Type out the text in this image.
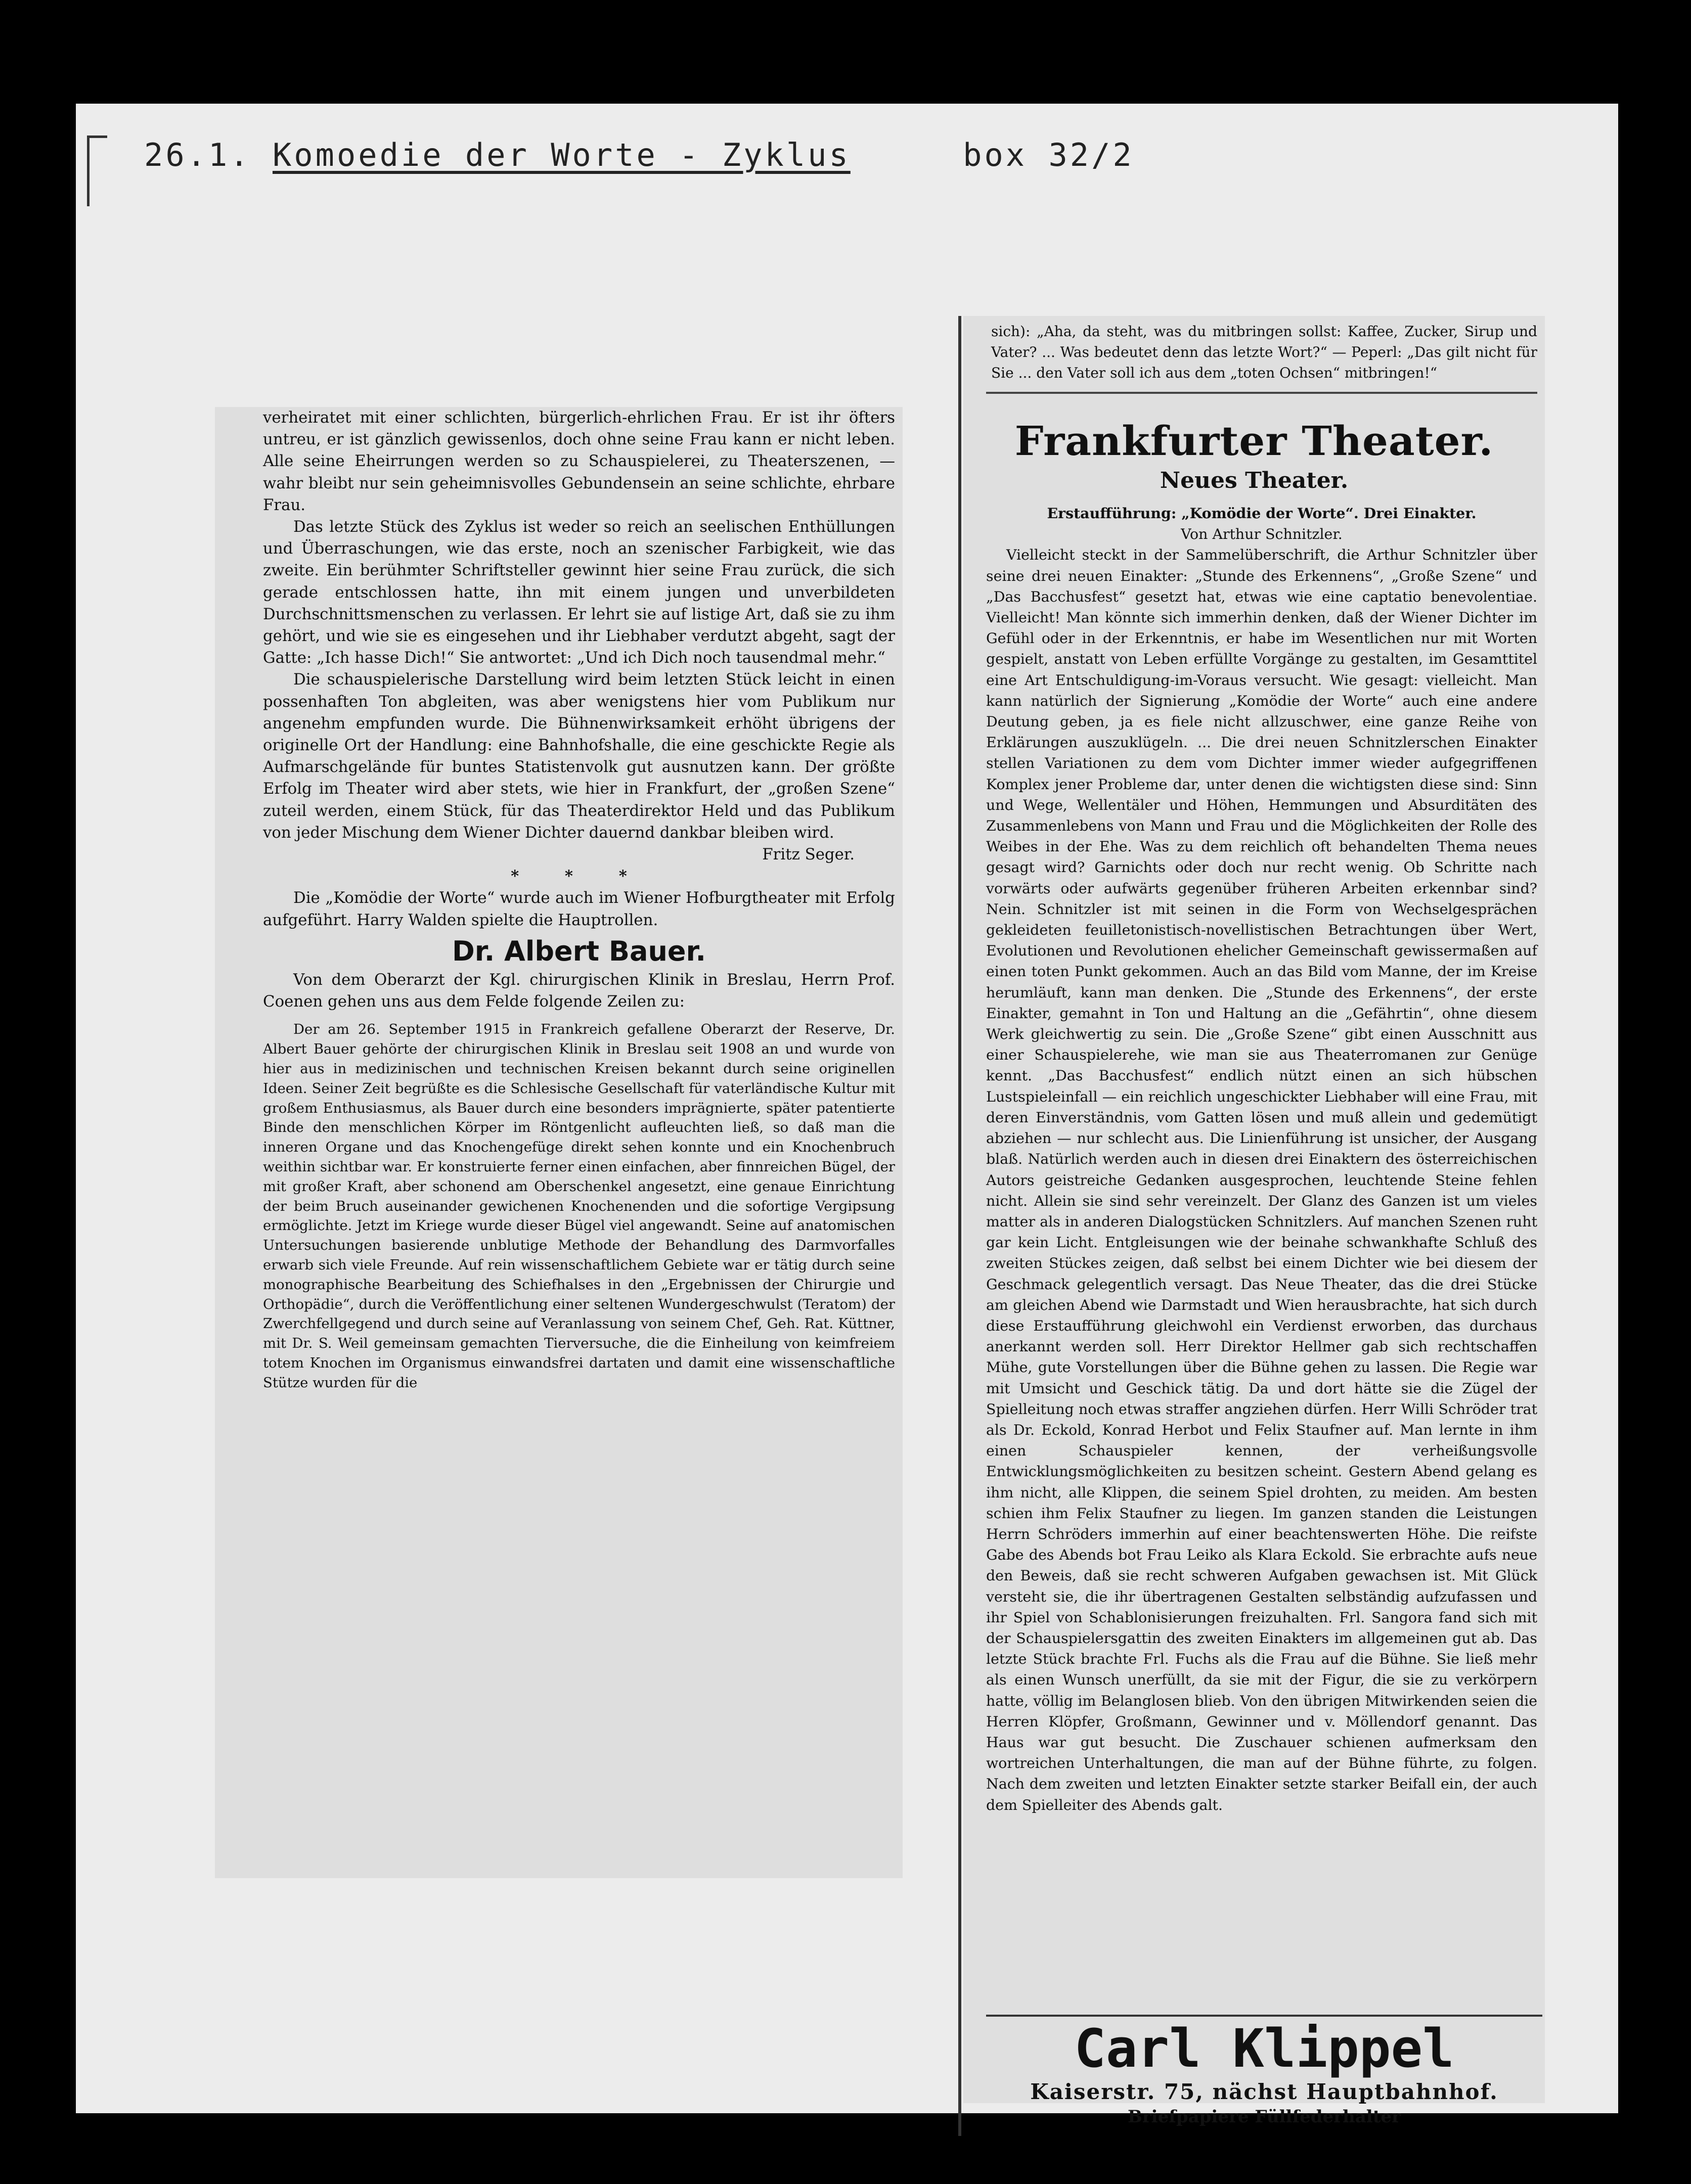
26.1. Komoedie der Worte - Zyklus	box 32/2

verheiratet mit einer schlichten, bürgerlich-ehrlichen Frau. Er ist ihr öfters untreu, er ist gänzlich gewissenlos, doch ohne seine Frau kann er nicht leben. Alle seine Eheirrungen werden so zu Schauspielerei, zu Theaterszenen, — wahr bleibt nur sein geheimnisvolles Gebundensein an seine schlichte, ehrbare Frau.

Das letzte Stück des Zyklus ist weder so reich an seelischen Enthüllungen und Überraschungen, wie das erste, noch an szenischer Farbigkeit, wie das zweite. Ein berühmter Schriftsteller gewinnt hier seine Frau zurück, die sich gerade entschlossen hatte, ihn mit einem jungen und unverbildeten Durchschnittsmenschen zu verlassen. Er lehrt sie auf listige Art, daß sie zu ihm gehört, und wie sie es eingesehen und ihr Liebhaber verdutzt abgeht, sagt der Gatte: „Ich hasse Dich!“ Sie antwortet: „Und ich Dich noch tausendmal mehr.“

Die schauspielerische Darstellung wird beim letzten Stück leicht in einen possenhaften Ton abgleiten, was aber wenigstens hier vom Publikum nur angenehm empfunden wurde. Die Bühnenwirksamkeit erhöht übrigens der originelle Ort der Handlung: eine Bahnhofshalle, die eine geschickte Regie als Aufmarschgelände für buntes Statistenvolk gut ausnutzen kann. Der größte Erfolg im Theater wird aber stets, wie hier in Frankfurt, der „großen Szene“ zuteil werden, einem Stück, für das Theaterdirektor Held und das Publikum von jeder Mischung dem Wiener Dichter dauernd dankbar bleiben wird.

Fritz Seger.

* * *

Die „Komödie der Worte“ wurde auch im Wiener Hofburgtheater mit Erfolg aufgeführt. Harry Walden spielte die Hauptrollen.

Dr. Albert Bauer.

Von dem Oberarzt der Kgl. chirurgischen Klinik in Breslau, Herrn Prof. Coenen gehen uns aus dem Felde folgende Zeilen zu:

Der am 26. September 1915 in Frankreich gefallene Oberarzt der Reserve, Dr. Albert Bauer gehörte der chirurgischen Klinik in Breslau seit 1908 an und wurde von hier aus in medizinischen und technischen Kreisen bekannt durch seine originellen Ideen. Seiner Zeit begrüßte es die Schlesische Gesellschaft für vaterländische Kultur mit großem Enthusiasmus, als Bauer durch eine besonders imprägnierte, später patentierte Binde den menschlichen Körper im Röntgenlicht aufleuchten ließ, so daß man die inneren Organe und das Knochengefüge direkt sehen konnte und ein Knochenbruch weithin sichtbar war. Er konstruierte ferner einen einfachen, aber finnreichen Bügel, der mit großer Kraft, aber schonend am Oberschenkel angesetzt, eine genaue Einrichtung der beim Bruch auseinander gewichenen Knochenenden und die sofortige Vergipsung ermöglichte. Jetzt im Kriege wurde dieser Bügel viel angewandt. Seine auf anatomischen Untersuchungen basierende unblutige Methode der Behandlung des Darmvorfalles erwarb sich viele Freunde. Auf rein wissenschaftlichem Gebiete war er tätig durch seine monographische Bearbeitung des Schiefhalses in den „Ergebnissen der Chirurgie und Orthopädie“, durch die Veröffentlichung einer seltenen Wundergeschwulst (Teratom) der Zwerchfellgegend und durch seine auf Veranlassung von seinem Chef, Geh. Rat. Küttner, mit Dr. S. Weil gemeinsam gemachten Tierversuche, die die Einheilung von keimfreiem totem Knochen im Organismus einwandsfrei dartaten und damit eine wissenschaftliche Stütze wurden für die

sich): „Aha, da steht, was du mitbringen sollst: Kaffee, Zucker, Sirup und Vater? ... Was bedeutet denn das letzte Wort?“ — Peperl: „Das gilt nicht für Sie ... den Vater soll ich aus dem „toten Ochsen“ mitbringen!“

Frankfurter Theater.
Neues Theater.

Erstaufführung: „Komödie der Worte“. Drei Einakter.

Von Arthur Schnitzler.

Vielleicht steckt in der Sammelüberschrift, die Arthur Schnitzler über seine drei neuen Einakter: „Stunde des Erkennens“, „Große Szene“ und „Das Bacchusfest“ gesetzt hat, etwas wie eine captatio benevolentiae. Vielleicht! Man könnte sich immerhin denken, daß der Wiener Dichter im Gefühl oder in der Erkenntnis, er habe im Wesentlichen nur mit Worten gespielt, anstatt von Leben erfüllte Vorgänge zu gestalten, im Gesamttitel eine Art Entschuldigung-im-Voraus versucht. Wie gesagt: vielleicht. Man kann natürlich der Signierung „Komödie der Worte“ auch eine andere Deutung geben, ja es fiele nicht allzuschwer, eine ganze Reihe von Erklärungen auszuklügeln. ... Die drei neuen Schnitzlerschen Einakter stellen Variationen zu dem vom Dichter immer wieder aufgegriffenen Komplex jener Probleme dar, unter denen die wichtigsten diese sind: Sinn und Wege, Wellentäler und Höhen, Hemmungen und Absurditäten des Zusammenlebens von Mann und Frau und die Möglichkeiten der Rolle des Weibes in der Ehe. Was zu dem reichlich oft behandelten Thema neues gesagt wird? Garnichts oder doch nur recht wenig. Ob Schritte nach vorwärts oder aufwärts gegenüber früheren Arbeiten erkennbar sind? Nein. Schnitzler ist mit seinen in die Form von Wechselgesprächen gekleideten feuilletonistisch-novellistischen Betrachtungen über Wert, Evolutionen und Revolutionen ehelicher Gemeinschaft gewissermaßen auf einen toten Punkt gekommen. Auch an das Bild vom Manne, der im Kreise herumläuft, kann man denken. Die „Stunde des Erkennens“, der erste Einakter, gemahnt in Ton und Haltung an die „Gefährtin“, ohne diesem Werk gleichwertig zu sein. Die „Große Szene“ gibt einen Ausschnitt aus einer Schauspielerehe, wie man sie aus Theaterromanen zur Genüge kennt. „Das Bacchusfest“ endlich nützt einen an sich hübschen Lustspieleinfall — ein reichlich ungeschickter Liebhaber will eine Frau, mit deren Einverständnis, vom Gatten lösen und muß allein und gedemütigt abziehen — nur schlecht aus. Die Linienführung ist unsicher, der Ausgang blaß. Natürlich werden auch in diesen drei Einaktern des österreichischen Autors geistreiche Gedanken ausgesprochen, leuchtende Steine fehlen nicht. Allein sie sind sehr vereinzelt. Der Glanz des Ganzen ist um vieles matter als in anderen Dialogstücken Schnitzlers. Auf manchen Szenen ruht gar kein Licht. Entgleisungen wie der beinahe schwankhafte Schluß des zweiten Stückes zeigen, daß selbst bei einem Dichter wie bei diesem der Geschmack gelegentlich versagt. Das Neue Theater, das die drei Stücke am gleichen Abend wie Darmstadt und Wien herausbrachte, hat sich durch diese Erstaufführung gleichwohl ein Verdienst erworben, das durchaus anerkannt werden soll. Herr Direktor Hellmer gab sich rechtschaffen Mühe, gute Vorstellungen über die Bühne gehen zu lassen. Die Regie war mit Umsicht und Geschick tätig. Da und dort hätte sie die Zügel der Spielleitung noch etwas straffer angziehen dürfen. Herr Willi Schröder trat als Dr. Eckold, Konrad Herbot und Felix Staufner auf. Man lernte in ihm einen Schauspieler kennen, der verheißungsvolle Entwicklungsmöglichkeiten zu besitzen scheint. Gestern Abend gelang es ihm nicht, alle Klippen, die seinem Spiel drohten, zu meiden. Am besten schien ihm Felix Staufner zu liegen. Im ganzen standen die Leistungen Herrn Schröders immerhin auf einer beachtenswerten Höhe. Die reifste Gabe des Abends bot Frau Leiko als Klara Eckold. Sie erbrachte aufs neue den Beweis, daß sie recht schweren Aufgaben gewachsen ist. Mit Glück versteht sie, die ihr übertragenen Gestalten selbständig aufzufassen und ihr Spiel von Schablonisierungen freizuhalten. Frl. Sangora fand sich mit der Schauspielersgattin des zweiten Einakters im allgemeinen gut ab. Das letzte Stück brachte Frl. Fuchs als die Frau auf die Bühne. Sie ließ mehr als einen Wunsch unerfüllt, da sie mit der Figur, die sie zu verkörpern hatte, völlig im Belanglosen blieb. Von den übrigen Mitwirkenden seien die Herren Klöpfer, Großmann, Gewinner und v. Möllendorf genannt. Das Haus war gut besucht. Die Zuschauer schienen aufmerksam den wortreichen Unterhaltungen, die man auf der Bühne führte, zu folgen. Nach dem zweiten und letzten Einakter setzte starker Beifall ein, der auch dem Spielleiter des Abends galt.

Carl Klippel
Kaiserstr. 75, nächst Hauptbahnhof.
Briefpapiere Füllfederhalter
